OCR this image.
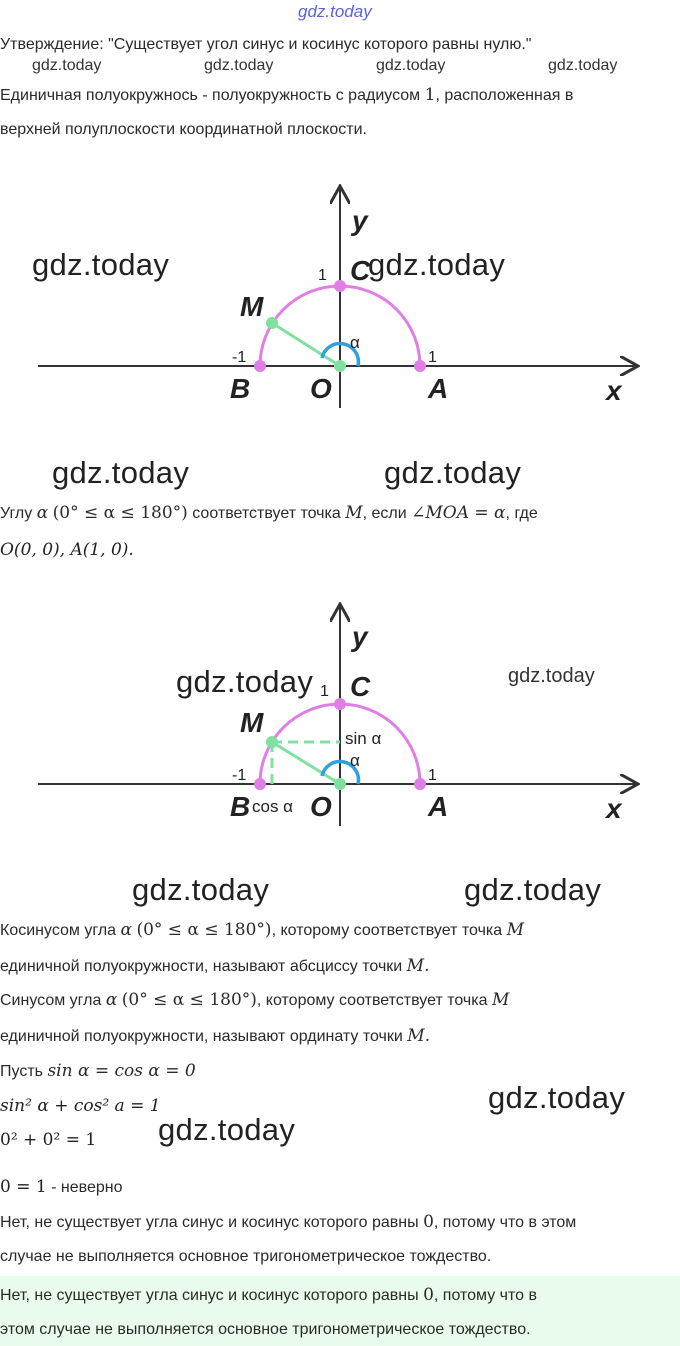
gdz.today
Утверждение: "Существует угол синус и косинус которого равны нулю."
gdz.today	gdz.today	gdz.today	gdz.today
Единичная полуокружнось - полуокружность с радиусом 1, расположенная в
верхней полуплоскости координатной плоскости.
y
x
C
M
B O	A
1
-1	1
α
gdz.today	gdz.today
gdz.today	gdz.today
Углу α (0° ≤ α ≤ 180°) соответствует точка M, если ∠MOA = α, где
O(0, 0), A(1, 0).
y
x
C
M
B O	A
1
-1	1
α
sin α
cos α
gdz.today	gdz.today
gdz.today	gdz.today
Косинусом угла α (0° ≤ α ≤ 180°), которому соответствует точка M
единичной полуокружности, называют абсциссу точки M.
Синусом угла α (0° ≤ α ≤ 180°), которому соответствует точка M
единичной полуокружности, называют ординату точки M.
Пусть sin α = cos α = 0
sin² α + cos² a = 1
0² + 0² = 1
0 = 1 - неверно
gdz.today
gdz.today
Нет, не существует угла синус и косинус которого равны 0, потому что в этом
случае не выполняется основное тригонометрическое тождество.
Нет, не существует угла синус и косинус которого равны 0, потому что в
этом случае не выполняется основное тригонометрическое тождество.
